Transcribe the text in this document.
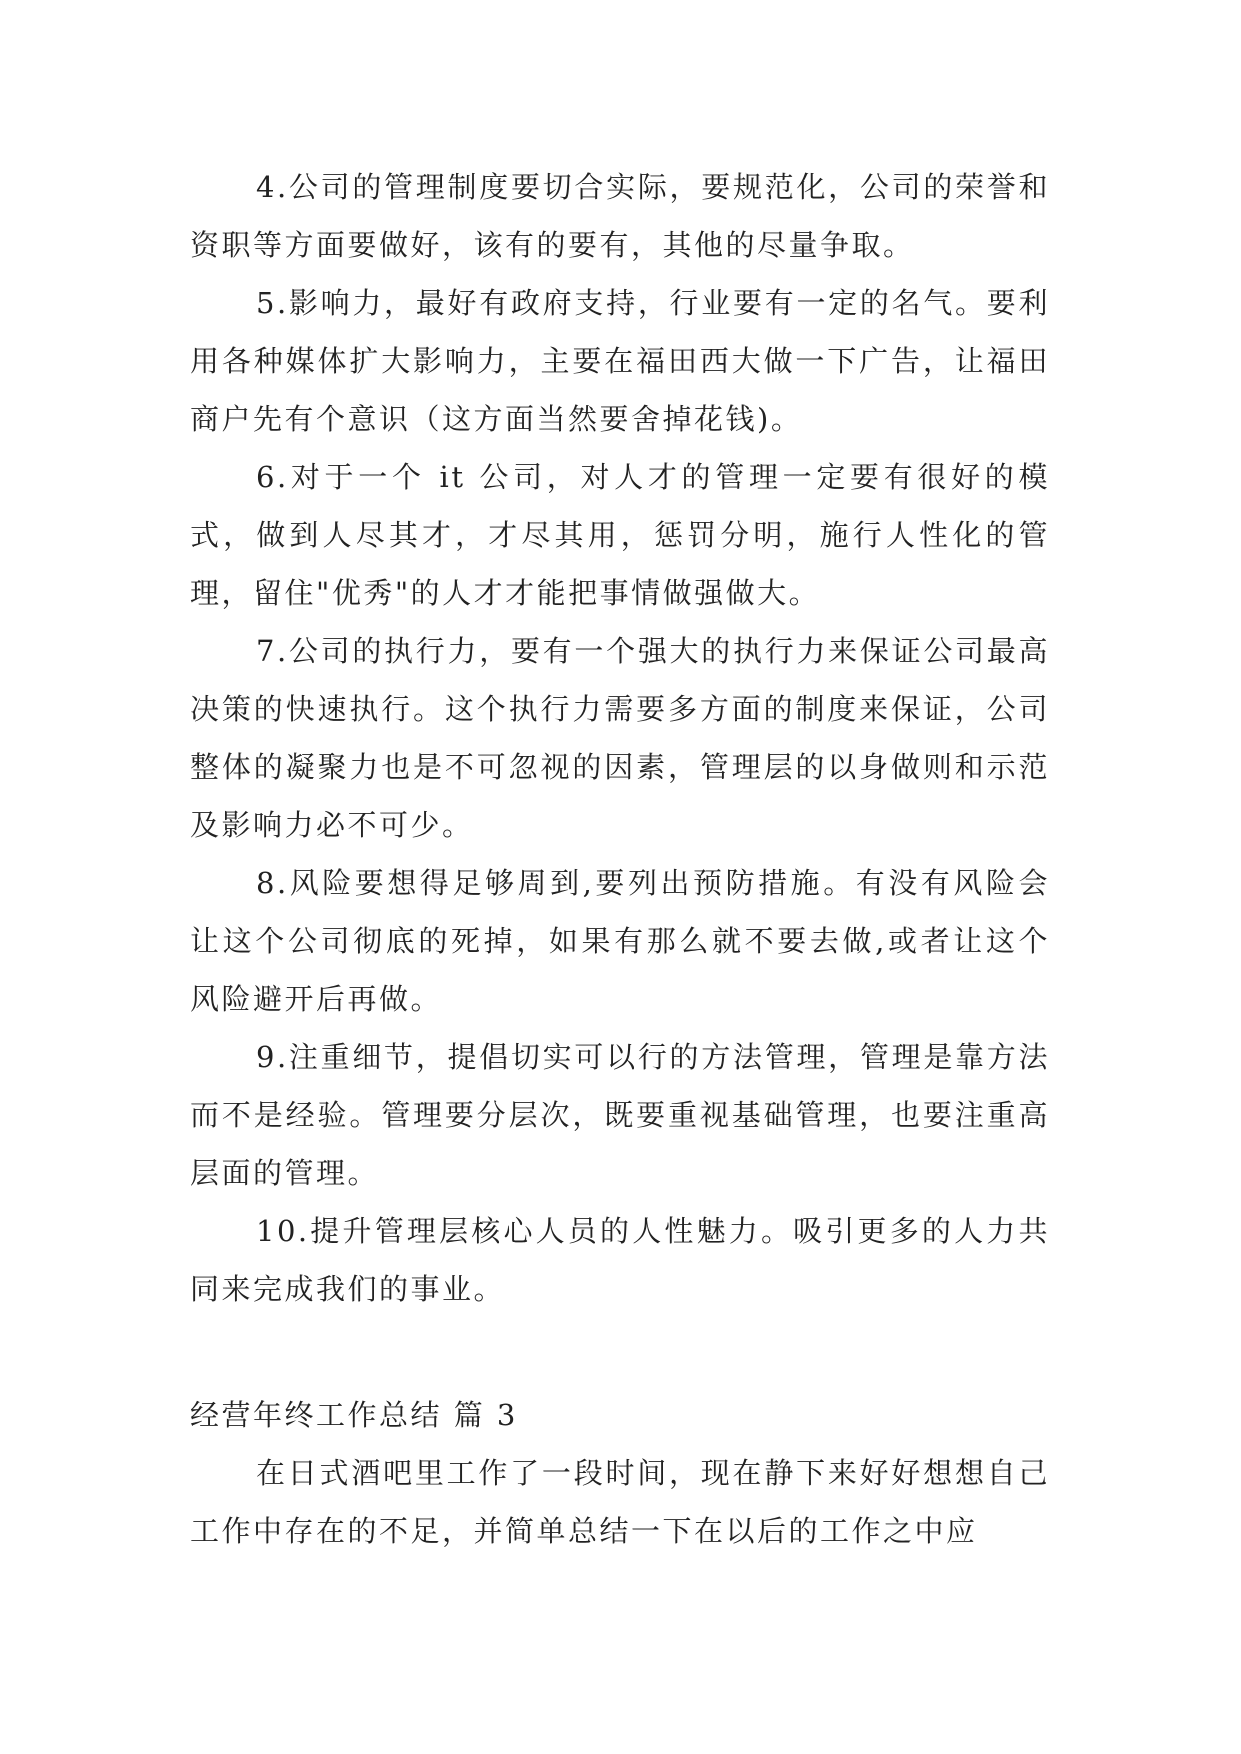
4.公司的管理制度要切合实际，要规范化，公司的荣誉和资职等方面要做好，该有的要有，其他的尽量争取。

5.影响力，最好有政府支持，行业要有一定的名气。要利用各种媒体扩大影响力，主要在福田西大做一下广告，让福田商户先有个意识（这方面当然要舍掉花钱)。

6.对于一个 it 公司，对人才的管理一定要有很好的模式，做到人尽其才，才尽其用，惩罚分明，施行人性化的管理，留住"优秀"的人才才能把事情做强做大。

7.公司的执行力，要有一个强大的执行力来保证公司最高决策的快速执行。这个执行力需要多方面的制度来保证，公司整体的凝聚力也是不可忽视的因素，管理层的以身做则和示范及影响力必不可少。

8.风险要想得足够周到,要列出预防措施。有没有风险会让这个公司彻底的死掉，如果有那么就不要去做,或者让这个风险避开后再做。

9.注重细节，提倡切实可以行的方法管理，管理是靠方法而不是经验。管理要分层次，既要重视基础管理，也要注重高层面的管理。

10.提升管理层核心人员的人性魅力。吸引更多的人力共同来完成我们的事业。

经营年终工作总结 篇 3

在日式酒吧里工作了一段时间，现在静下来好好想想自己工作中存在的不足，并简单总结一下在以后的工作之中应
